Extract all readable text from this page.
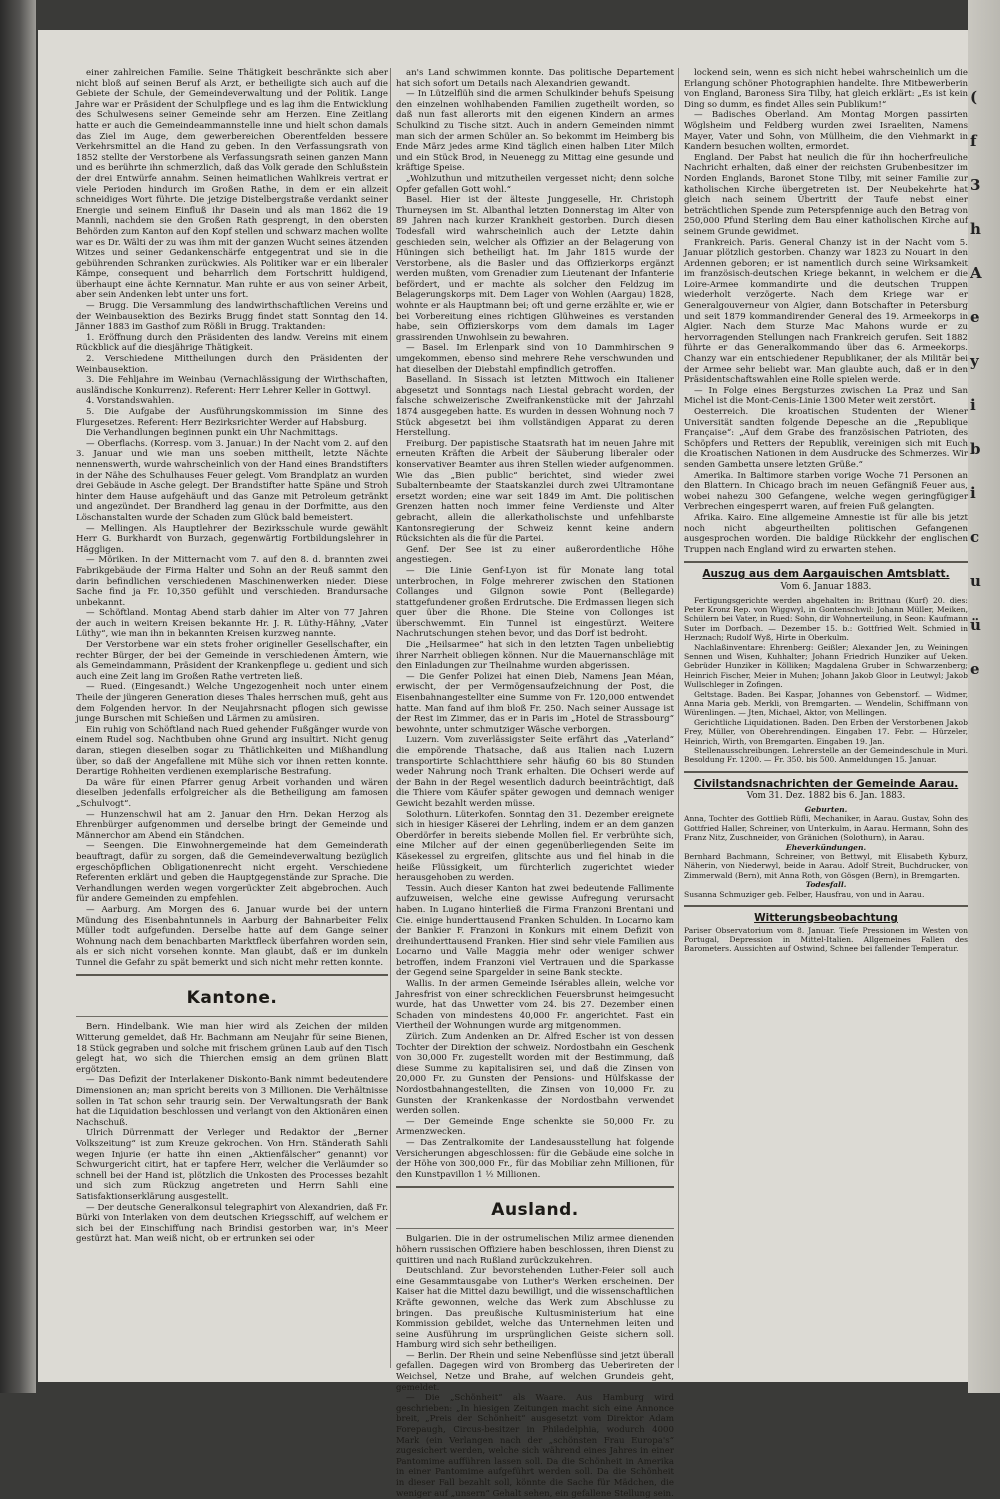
einer zahlreichen Familie. Seine Thätigkeit beschränkte sich aber nicht bloß auf seinen Beruf als Arzt, er betheiligte sich auch auf die Gebiete der Schule, der Gemeindeverwaltung und der Politik. Lange Jahre war er Präsident der Schulpflege und es lag ihm die Entwicklung des Schulwesens seiner Gemeinde sehr am Herzen. Eine Zeitlang hatte er auch die Gemeindeammannstelle inne und hielt schon damals das Ziel im Auge, dem gewerbereichen Oberentfelden bessere Verkehrsmittel an die Hand zu geben. In den Verfassungsrath von 1852 stellte der Verstorbene als Verfassungsrath seinen ganzen Mann und es berührte ihn schmerzlich, daß das Volk gerade den Schlußstein der drei Entwürfe annahm. Seinen heimatlichen Wahlkreis vertrat er viele Perioden hindurch im Großen Rathe, in dem er ein allzeit schneidiges Wort führte. Die jetzige Distelbergstraße verdankt seiner Energie und seinem Einfluß ihr Dasein und als man 1862 die 19 Mannli, nachdem sie den Großen Rath gesprengt, in den obersten Behörden zum Kanton auf den Kopf stellen und schwarz machen wollte war es Dr. Wälti der zu was ihm mit der ganzen Wucht seines ätzenden Witzes und seiner Gedankenschärfe entgegentrat und sie in die gebührenden Schranken zurückwies. Als Politiker war er ein liberaler Kämpe, consequent und beharrlich dem Fortschritt huldigend, überhaupt eine ächte Kernnatur. Man ruhte er aus von seiner Arbeit, aber sein Andenken lebt unter uns fort.

— Brugg. Die Versammlung des landwirthschaftlichen Vereins und der Weinbausektion des Bezirks Brugg findet statt Sonntag den 14. Jänner 1883 im Gasthof zum Rößli in Brugg. Traktanden:

1. Eröffnung durch den Präsidenten des landw. Vereins mit einem Rückblick auf die diesjährige Thätigkeit.

2. Verschiedene Mittheilungen durch den Präsidenten der Weinbausektion.

3. Die Fehljahre im Weinbau (Vernachlässigung der Wirthschaften, ausländische Konkurrenz). Referent: Herr Lehrer Keller in Gottwyl.

4. Vorstandswahlen.

5. Die Aufgabe der Ausführungskommission im Sinne des Flurgesetzes. Referent: Herr Bezirksrichter Werder auf Habsburg.

Die Verhandlungen beginnen punkt ein Uhr Nachmittags.

— Oberflachs. (Korresp. vom 3. Januar.) In der Nacht vom 2. auf den 3. Januar und wie man uns soeben mittheilt, letzte Nächte nennenswerth, wurde wahrscheinlich von der Hand eines Brandstifters in der Nähe des Schulhauses Feuer gelegt. Vom Brandplatz an wurden drei Gebäude in Asche gelegt. Der Brandstifter hatte Späne und Stroh hinter dem Hause aufgehäuft und das Ganze mit Petroleum getränkt und angezündet. Der Brandherd lag genau in der Dorfmitte, aus den Löschanstalten wurde der Schaden zum Glück bald bemeistert.

— Mellingen. Als Hauptlehrer der Bezirksschule wurde gewählt Herr G. Burkhardt von Burzach, gegenwärtig Fortbildungslehrer in Häggligen.

— Möriken. In der Mitternacht vom 7. auf den 8. d. brannten zwei Fabrikgebäude der Firma Halter und Sohn an der Reuß sammt den darin befindlichen verschiedenen Maschinenwerken nieder. Diese Sache find ja Fr. 10,350 gefühlt und verschieden. Brandursache unbekannt.

— Schöftland. Montag Abend starb dahier im Alter von 77 Jahren der auch in weitern Kreisen bekannte Hr. J. R. Lüthy-Hähny, „Vater Lüthy“, wie man ihn in bekannten Kreisen kurzweg nannte.

Der Verstorbene war ein stets froher origineller Gesellschafter, ein rechter Bürger, der bei der Gemeinde in verschiedenen Ämtern, wie als Gemeindammann, Präsident der Krankenpflege u. gedient und sich auch eine Zeit lang im Großen Rathe vertreten ließ.

— Rued. (Eingesandt.) Welche Ungezogenheit noch unter einem Theile der jüngeren Generation dieses Thales herrschen muß, geht aus dem Folgenden hervor. In der Neujahrsnacht pflogen sich gewisse junge Burschen mit Schießen und Lärmen zu amüsiren.

Ein ruhig von Schöftland nach Rued gehender Fußgänger wurde von einem Rudel sog. Nachtbuben ohne Grund arg insultirt. Nicht genug daran, stiegen dieselben sogar zu Thätlichkeiten und Mißhandlung über, so daß der Angefallene mit Mühe sich vor ihnen retten konnte. Derartige Rohheiten verdienen exemplarische Bestrafung.

Da wäre für einen Pfarrer genug Arbeit vorhanden und wären dieselben jedenfalls erfolgreicher als die Betheiligung am famosen „Schulvogt“.

— Hunzenschwil hat am 2. Januar den Hrn. Dekan Herzog als Ehrenbürger aufgenommen und derselbe bringt der Gemeinde und Männerchor am Abend ein Ständchen.

— Seengen. Die Einwohnergemeinde hat dem Gemeinderath beauftragt, dafür zu sorgen, daß die Gemeindeverwaltung bezüglich ergeschöpflichen Obligationenrecht nicht ergeht. Verschiedene Referenten erklärt und geben die Hauptgegenstände zur Sprache. Die Verhandlungen werden wegen vorgerückter Zeit abgebrochen. Auch für andere Gemeinden zu empfehlen.

— Aarburg. Am Morgen des 6. Januar wurde bei der untern Mündung des Eisenbahntunnels in Aarburg der Bahnarbeiter Felix Müller todt aufgefunden. Derselbe hatte auf dem Gange seiner Wohnung nach dem benachbarten Marktfleck überfahren worden sein, als er sich nicht vorsehen konnte. Man glaubt, daß er im dunkeln Tunnel die Gefahr zu spät bemerkt und sich nicht mehr retten konnte.

Kantone.

Bern. Hindelbank. Wie man hier wird als Zeichen der milden Witterung gemeldet, daß Hr. Bachmann am Neujahr für seine Bienen, 18 Stück gegraben und solche mit frischem grünen Laub auf den Tisch gelegt hat, wo sich die Thierchen emsig an dem grünen Blatt ergötzten.

— Das Defizit der Interlakener Diskonto-Bank nimmt bedeutendere Dimensionen an; man spricht bereits von 3 Millionen. Die Verhältnisse sollen in Tat schon sehr traurig sein. Der Verwaltungsrath der Bank hat die Liquidation beschlossen und verlangt von den Aktionären einen Nachschuß.

Ulrich Dürrenmatt der Verleger und Redaktor der „Berner Volkszeitung“ ist zum Kreuze gekrochen. Von Hrn. Ständerath Sahli wegen Injurie (er hatte ihn einen „Aktienfälscher“ genannt) vor Schwurgericht citirt, hat er tapfere Herr, welcher die Verläumder so schnell bei der Hand ist, plötzlich die Unkosten des Processes bezahlt und sich zum Rückzug angetreten und Herrn Sahli eine Satisfaktionserklärung ausgestellt.

— Der deutsche Generalkonsul telegraphirt von Alexandrien, daß Fr. Bürki von Interlaken von dem deutschen Kriegsschiff, auf welchem er sich bei der Einschiffung nach Brindisi gestorben war, in's Meer gestürzt hat. Man weiß nicht, ob er ertrunken sei oder

an's Land schwimmen konnte. Das politische Departement hat sich sofort um Details nach Alexandrien gewandt.

— In Lützelflüh sind die armen Schulkinder behufs Speisung den einzelnen wohlhabenden Familien zugetheilt worden, so daß nun fast allerorts mit den eigenen Kindern an armes Schulkind zu Tische sitzt. Auch in andern Gemeinden nimmt man sich der armen Schüler an. So bekommt im Heimberg bis Ende März jedes arme Kind täglich einen halben Liter Milch und ein Stück Brod, in Neuenegg zu Mittag eine gesunde und kräftige Speise.

„Wohlzuthun und mitzutheilen vergesset nicht; denn solche Opfer gefallen Gott wohl.“

Basel. Hier ist der älteste Junggeselle, Hr. Christoph Thurneysen im St. Albanthal letzten Donnerstag im Alter von 89 Jahren nach kurzer Krankheit gestorben. Durch diesen Todesfall wird wahrscheinlich auch der Letzte dahin geschieden sein, welcher als Offizier an der Belagerung von Hüningen sich betheiligt hat. Im Jahr 1815 wurde der Verstorbene, als die Basler und das Offizierkorps ergänzt werden mußten, vom Grenadier zum Lieutenant der Infanterie befördert, und er machte als solcher den Feldzug im Belagerungskorps mit. Dem Lager von Wohlen (Aargau) 1828, wohnte er als Hauptmann bei; oft und gerne erzählte er, wie er bei Vorbereitung eines richtigen Glühweines es verstanden habe, sein Offizierskorps vom dem damals im Lager grassirenden Unwohlsein zu bewahren.

— Basel. Im Erlenpark sind von 10 Dammhirschen 9 umgekommen, ebenso sind mehrere Rehe verschwunden und hat dieselben der Diebstahl empfindlich getroffen.

Baselland. In Sissach ist letzten Mittwoch ein Italiener abgesetzt und Sonntags nach Liestal gebracht worden, der falsche schweizerische Zweifrankenstücke mit der Jahrzahl 1874 ausgegeben hatte. Es wurden in dessen Wohnung noch 7 Stück abgesetzt bei ihm vollständigen Apparat zu deren Herstellung.

Freiburg. Der papistische Staatsrath hat im neuen Jahre mit erneuten Kräften die Arbeit der Säuberung liberaler oder konservativer Beamter aus ihren Stellen wieder aufgenommen. Wie das „Bien public“ berichtet, sind wieder zwei Subalternbeamte der Staatskanzlei durch zwei Ultramontane ersetzt worden; eine war seit 1849 im Amt. Die politischen Grenzen hatten noch immer feine Verdienste und Alter gebracht, allein die allerkatholischste und unfehlbarste Kantonsregierung der Schweiz kennt keine andern Rücksichten als die für die Partei.

Genf. Der See ist zu einer außerordentliche Höhe angestiegen.

— Die Linie Genf-Lyon ist für Monate lang total unterbrochen, in Folge mehrerer zwischen den Stationen Collanges und Gilgnon sowie Pont (Bellegarde) stattgefundener großen Erdrutsche. Die Erdmassen liegen sich quer über die Rhone. Die Steine von Collonges ist überschwemmt. Ein Tunnel ist eingestürzt. Weitere Nachrutschungen stehen bevor, und das Dorf ist bedroht.

Die „Heilsarmee“ hat sich in den letzten Tagen unbeliebtig ihrer Narrheit obliegen können. Nur die Mauernanschläge mit den Einladungen zur Theilnahme wurden abgerissen.

— Die Genfer Polizei hat einen Dieb, Namens Jean Méan, erwischt, der per Vermögensaufzeichnung der Post, die Eisenbahnangestellter eine Summe von Fr. 120,000 entwendet hatte. Man fand auf ihm bloß Fr. 250. Nach seiner Aussage ist der Rest im Zimmer, das er in Paris im „Hotel de Strassbourg“ bewohnte, unter schmutziger Wäsche verborgen.

Luzern. Vom zuverlässigster Seite erfährt das „Vaterland“ die empörende Thatsache, daß aus Italien nach Luzern transportirte Schlachtthiere sehr häufig 60 bis 80 Stunden weder Nahrung noch Trank erhalten. Die Ochseri werde auf der Bahn in der Regel wesentlich dadurch beeinträchtigt, daß die Thiere vom Käufer später gewogen und demnach weniger Gewicht bezahlt werden müsse.

Solothurn. Lüterkofen. Sonntag den 31. Dezember ereignete sich in hiesiger Käserei der Lehrling, indem er an dem ganzen Oberdörfer in bereits siebende Mollen fiel. Er verbrühte sich, eine Milcher auf der einen gegenüberliegenden Seite im Käsekessel zu ergreifen, glitschte aus und fiel hinab in die heiße Flüssigkeit, um fürchterlich zugerichtet wieder herausgehoben zu werden.

Tessin. Auch dieser Kanton hat zwei bedeutende Fallimente aufzuweisen, welche eine gewisse Aufregung verursacht haben. In Lugano hinterließ die Firma Franzoni Brentani und Cie. einige hunderttausend Franken Schulden. In Locarno kam der Bankier F. Franzoni in Konkurs mit einem Defizit von dreihunderttausend Franken. Hier sind sehr viele Familien aus Locarno und Valle Maggia mehr oder weniger schwer betroffen, indem Franzoni viel Vertrauen und die Sparkasse der Gegend seine Spargelder in seine Bank steckte.

Wallis. In der armen Gemeinde Isérables allein, welche vor Jahresfrist von einer schrecklichen Feuersbrunst heimgesucht wurde, hat das Unwetter vom 24. bis 27. Dezember einen Schaden von mindestens 40,000 Fr. angerichtet. Fast ein Viertheil der Wohnungen wurde arg mitgenommen.

Zürich. Zum Andenken an Dr. Alfred Escher ist von dessen Tochter der Direktion der schweiz. Nordostbahn ein Geschenk von 30,000 Fr. zugestellt worden mit der Bestimmung, daß diese Summe zu kapitalisiren sei, und daß die Zinsen von 20,000 Fr. zu Gunsten der Pensions- und Hülfskasse der Nordostbahnangestellten, die Zinsen von 10,000 Fr. zu Gunsten der Krankenkasse der Nordostbahn verwendet werden sollen.

— Der Gemeinde Enge schenkte sie 50,000 Fr. zu Armenzwecken.

— Das Zentralkomite der Landesausstellung hat folgende Versicherungen abgeschlossen: für die Gebäude eine solche in der Höhe von 300,000 Fr., für das Mobiliar zehn Millionen, für den Kunstpavillon 1 ½ Millionen.

Ausland.

Bulgarien. Die in der ostrumelischen Miliz armee dienenden höhern russischen Offiziere haben beschlossen, ihren Dienst zu quittiren und nach Rußland zurückzukehren.

Deutschland. Zur bevorstehenden Luther-Feier soll auch eine Gesammtausgabe von Luther's Werken erscheinen. Der Kaiser hat die Mittel dazu bewilligt, und die wissenschaftlichen Kräfte gewonnen, welche das Werk zum Abschlusse zu bringen. Das preußische Kultusministerium hat eine Kommission gebildet, welche das Unternehmen leiten und seine Ausführung im ursprünglichen Geiste sichern soll. Hamburg wird sich sehr betheiligen.

— Berlin. Der Rhein und seine Nebenflüsse sind jetzt überall gefallen. Dagegen wird von Bromberg das Ueberireten der Weichsel, Netze und Brahe, auf welchen Grundeis geht, gemeldet.

— Die „Schönheit“ als Waare. Aus Hamburg wird geschrieben: „In hiesigen Zeitungen macht sich eine Annonce breit, „Preis der Schönheit“ ausgesetzt vom Direktor Adam Forepaugh, Circus-besitzer in Philadelphia, wodurch 4000 Mark (ein Verlangen nach der „schönsten Frau Europa's“ zugesichert werden, welche sich während eines Jahres in einer Pantomime aufführen lassen soll. Da die Schönheit in Amerika in einer Pantomime aufgeführt werden soll. Da die Schönheit in dieser Fall bezahlt soll, könnte die Sache für Mädchen, die weniger auf „unsern“ Gehalt sehen, ein gefallene Stellung sein.

lockend sein, wenn es sich nicht hebei wahrscheinlich um die Erlangung schöner Photographien handelte. Ihre Mitbewerberin von England, Baroness Sira Tilby, hat gleich erklärt: „Es ist kein Ding so dumm, es findet Alles sein Publikum!“

— Badisches Oberland. Am Montag Morgen passirten Wöglsheim und Feldberg wurden zwei Israeliten, Namens Mayer, Vater und Sohn, von Müllheim, die den Viehmarkt in Kandern besuchen wollten, ermordet.

England. Der Pabst hat neulich die für ihn hocherfreuliche Nachricht erhalten, daß einer der reichsten Grubenbesitzer im Norden Englands, Baronet Stone Tilby, mit seiner Familie zur katholischen Kirche übergetreten ist. Der Neubekehrte hat gleich nach seinem Übertritt der Taufe nebst einer beträchtlichen Spende zum Peterspfennige auch den Betrag von 250,000 Pfund Sterling dem Bau einer katholischen Kirche auf seinem Grunde gewidmet.

Frankreich. Paris. General Chanzy ist in der Nacht vom 5. Januar plötzlich gestorben. Chanzy war 1823 zu Nouart in den Ardennen geboren; er ist namentlich durch seine Wirksamkeit im französisch-deutschen Kriege bekannt, in welchem er die Loire-Armee kommandirte und die deutschen Truppen wiederholt verzögerte. Nach dem Kriege war er Generalgouverneur von Algier, dann Botschafter in Petersburg und seit 1879 kommandirender General des 19. Armeekorps in Algier. Nach dem Sturze Mac Mahons wurde er zu hervorragenden Stellungen nach Frankreich gerufen. Seit 1882 führte er das Generalkommando über das 6. Armeekorps. Chanzy war ein entschiedener Republikaner, der als Militär bei der Armee sehr beliebt war. Man glaubte auch, daß er in den Präsidentschaftswahlen eine Rolle spielen werde.

— In Folge eines Bergsturzes zwischen La Praz und San Michel ist die Mont-Cenis-Linie 1300 Meter weit zerstört.

Oesterreich. Die kroatischen Studenten der Wiener Universität sandten folgende Depesche an die „Republique Française“: „Auf dem Grabe des französischen Patrioten, des Schöpfers und Retters der Republik, vereinigen sich mit Euch die Kroatischen Nationen in dem Ausdrucke des Schmerzes. Wir senden Gambetta unsere letzten Grüße.“

Amerika. In Baltimore starben vorige Woche 71 Personen an den Blattern. In Chicago brach im neuen Gefängniß Feuer aus, wobei nahezu 300 Gefangene, welche wegen geringfügiger Verbrechen eingesperrt waren, auf freien Fuß gelangten.

Afrika. Kairo. Eine allgemeine Amnestie ist für alle bis jetzt noch nicht abgeurtheilten politischen Gefangenen ausgesprochen worden. Die baldige Rückkehr der englischen Truppen nach England wird zu erwarten stehen.

Auszug aus dem Aargauischen Amtsblatt.
Vom 6. Januar 1883.

Fertigungsgerichte werden abgehalten in: Brittnau (Kurf) 20. dies: Peter Kronz Rep. von Wiggwyl, in Gontenschwil: Johann Müller, Meiken, Schülern bei Vater, in Rued: Sohn, dir Wohnerteilung, in Seon: Kaufmann Suter im Dorfbach. — Dezember 15. b.: Gottfried Welt. Schmied in Herznach; Rudolf Wyß, Hirte in Oberkulm.

Nachlaßinventare: Ehrenberg: Geißler; Alexander Jen, zu Weiningen Sennen und Wisen, Kuhhalter; Johann Friedrich Hunziker auf Ueken. Gebrüder Hunziker in Kölliken; Magdalena Gruber in Schwarzenberg; Heinrich Fischer, Meier in Muhen; Johann Jakob Gloor in Leutwyl; Jakob Wullschleger in Zofingen.

Geltstage. Baden. Bei Kaspar, Johannes von Gebenstorf. — Widmer, Anna Maria geb. Merkli, von Bremgarten. — Wendelin, Schiffmann von Würenlingen. — Jten, Michael, Aktor, von Mellingen.

Gerichtliche Liquidationen. Baden. Den Erben der Verstorbenen Jakob Frey, Müller, von Oberehrendingen. Eingaben 17. Febr. — Hürzeler, Heinrich, Wirth, von Bremgarten. Eingaben 19. Jan.

Stellenausschreibungen. Lehrerstelle an der Gemeindeschule in Muri. Besoldung Fr. 1200. — Fr. 350. bis 500. Anmeldungen 15. Januar.

Civilstandsnachrichten der Gemeinde Aarau.
Vom 31. Dez. 1882 bis 6. Jan. 1883.
Geburten.

Anna, Tochter des Gottlieb Rüfli, Mechaniker, in Aarau. Gustav, Sohn des Gottfried Haller, Schreiner, von Unterkulm, in Aarau. Hermann, Sohn des Franz Nitz, Zuschneider, von Gränichen (Solothurn), in Aarau.

Eheverkündungen.

Bernhard Bachmann, Schreiner, von Bettwyl, mit Elisabeth Kyburz, Näherin, von Niederwyl, beide in Aarau. Adolf Streit, Buchdrucker, von Zimmerwald (Bern), mit Anna Roth, von Gösgen (Bern), in Bremgarten.

Todesfall.

Susanna Schmuziger geb. Felber, Hausfrau, von und in Aarau.

Witterungsbeobachtung

Pariser Observatorium vom 8. Januar. Tiefe Pressionen im Westen von Portugal, Depression in Mittel-Italien. Allgemeines Fallen des Barometers. Aussichten auf Ostwind, Schnee bei fallender Temperatur.

(
f
3
h
A
e
y
i
b
i
c
u
ü
e
